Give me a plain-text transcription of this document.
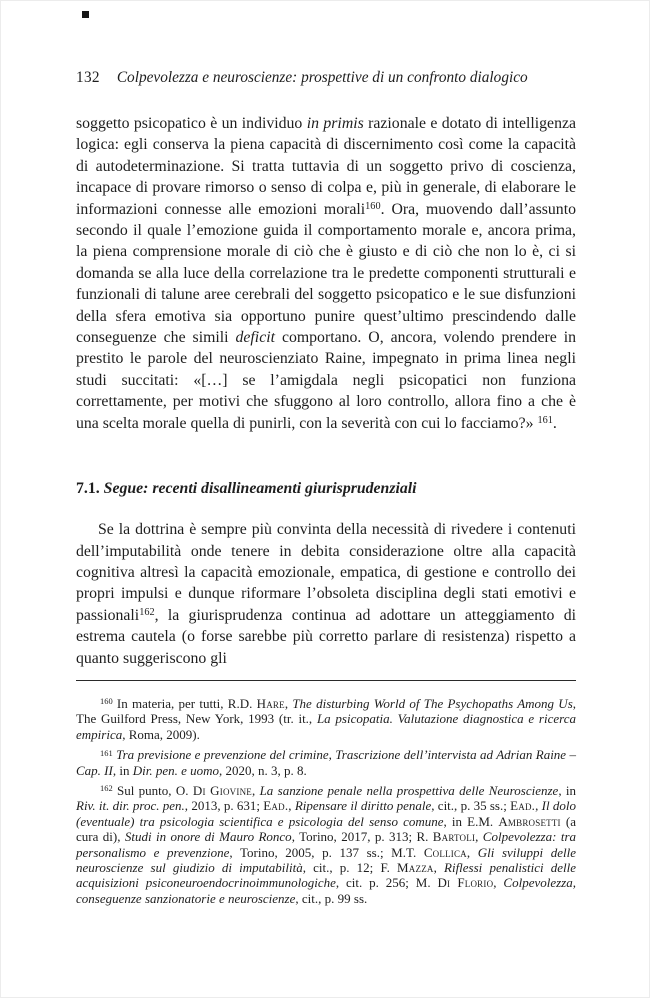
132 Colpevolezza e neuroscienze: prospettive di un confronto dialogico

soggetto psicopatico è un individuo in primis razionale e dotato di intelligenza logica: egli conserva la piena capacità di discernimento così come la capacità di autodeterminazione. Si tratta tuttavia di un soggetto privo di coscienza, incapace di provare rimorso o senso di colpa e, più in generale, di elaborare le informazioni connesse alle emozioni morali$^{160}$. Ora, muovendo dall’assunto secondo il quale l’emozione guida il comportamento morale e, ancora prima, la piena comprensione morale di ciò che è giusto e di ciò che non lo è, ci si domanda se alla luce della correlazione tra le predette componenti strutturali e funzionali di talune aree cerebrali del soggetto psicopatico e le sue disfunzioni della sfera emotiva sia opportuno punire quest’ultimo prescindendo dalle conseguenze che simili deficit comportano. O, ancora, volendo prendere in prestito le parole del neuroscienziato Raine, impegnato in prima linea negli studi succitati: «[…] se l’amigdala negli psicopatici non funziona correttamente, per motivi che sfuggono al loro controllo, allora fino a che è una scelta morale quella di punirli, con la severità con cui lo facciamo?» $^{161}$.

7.1. Segue: recenti disallineamenti giurisprudenziali

Se la dottrina è sempre più convinta della necessità di rivedere i contenuti dell’imputabilità onde tenere in debita considerazione oltre alla capacità cognitiva altresì la capacità emozionale, empatica, di gestione e controllo dei propri impulsi e dunque riformare l’obsoleta disciplina degli stati emotivi e passionali$^{162}$, la giurisprudenza continua ad adottare un atteggiamento di estrema cautela (o forse sarebbe più corretto parlare di resistenza) rispetto a quanto suggeriscono gli

$^{160}$ In materia, per tutti, R.D. Hare, The disturbing World of The Psychopaths Among Us, The Guilford Press, New York, 1993 (tr. it., La psicopatia. Valutazione diagnostica e ricerca empirica, Roma, 2009).

$^{161}$ Tra previsione e prevenzione del crimine, Trascrizione dell’intervista ad Adrian Raine – Cap. II, in Dir. pen. e uomo, 2020, n. 3, p. 8.

$^{162}$ Sul punto, O. Di Giovine, La sanzione penale nella prospettiva delle Neuroscienze, in Riv. it. dir. proc. pen., 2013, p. 631; Ead., Ripensare il diritto penale, cit., p. 35 ss.; Ead., Il dolo (eventuale) tra psicologia scientifica e psicologia del senso comune, in E.M. Ambrosetti (a cura di), Studi in onore di Mauro Ronco, Torino, 2017, p. 313; R. Bartoli, Colpevolezza: tra personalismo e prevenzione, Torino, 2005, p. 137 ss.; M.T. Collica, Gli sviluppi delle neuroscienze sul giudizio di imputabilità, cit., p. 12; F. Mazza, Riflessi penalistici delle acquisizioni psiconeuroendocrinoimmunologiche, cit. p. 256; M. Di Florio, Colpevolezza, conseguenze sanzionatorie e neuroscienze, cit., p. 99 ss.
